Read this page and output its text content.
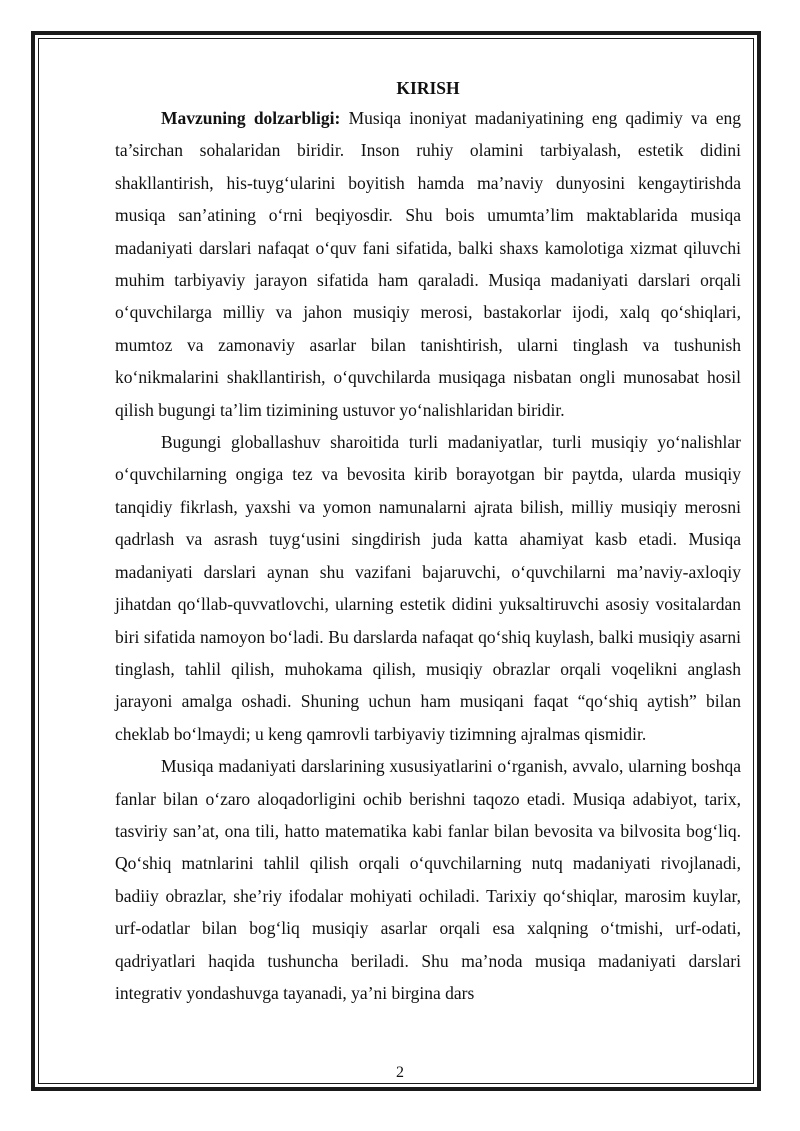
KIRISH

Mavzuning dolzarbligi: Musiqa inoniyat madaniyatining eng qadimiy va eng ta’sirchan sohalaridan biridir. Inson ruhiy olamini tarbiyalash, estetik didini shakllantirish, his-tuyg‘ularini boyitish hamda ma’naviy dunyosini kengaytirishda musiqa san’atining o‘rni beqiyosdir. Shu bois umumta’lim maktablarida musiqa madaniyati darslari nafaqat o‘quv fani sifatida, balki shaxs kamolotiga xizmat qiluvchi muhim tarbiyaviy jarayon sifatida ham qaraladi. Musiqa madaniyati darslari orqali o‘quvchilarga milliy va jahon musiqiy merosi, bastakorlar ijodi, xalq qo‘shiqlari, mumtoz va zamonaviy asarlar bilan tanishtirish, ularni tinglash va tushunish ko‘nikmalarini shakllantirish, o‘quvchilarda musiqaga nisbatan ongli munosabat hosil qilish bugungi ta’lim tizimining ustuvor yo‘nalishlaridan biridir.

Bugungi globallashuv sharoitida turli madaniyatlar, turli musiqiy yo‘nalishlar o‘quvchilarning ongiga tez va bevosita kirib borayotgan bir paytda, ularda musiqiy tanqidiy fikrlash, yaxshi va yomon namunalarni ajrata bilish, milliy musiqiy merosni qadrlash va asrash tuyg‘usini singdirish juda katta ahamiyat kasb etadi. Musiqa madaniyati darslari aynan shu vazifani bajaruvchi, o‘quvchilarni ma’naviy-axloqiy jihatdan qo‘llab-quvvatlovchi, ularning estetik didini yuksaltiruvchi asosiy vositalardan biri sifatida namoyon bo‘ladi. Bu darslarda nafaqat qo‘shiq kuylash, balki musiqiy asarni tinglash, tahlil qilish, muhokama qilish, musiqiy obrazlar orqali voqelikni anglash jarayoni amalga oshadi. Shuning uchun ham musiqani faqat “qo‘shiq aytish” bilan cheklab bo‘lmaydi; u keng qamrovli tarbiyaviy tizimning ajralmas qismidir.

Musiqa madaniyati darslarining xususiyatlarini o‘rganish, avvalo, ularning boshqa fanlar bilan o‘zaro aloqadorligini ochib berishni taqozo etadi. Musiqa adabiyot, tarix, tasviriy san’at, ona tili, hatto matematika kabi fanlar bilan bevosita va bilvosita bog‘liq. Qo‘shiq matnlarini tahlil qilish orqali o‘quvchilarning nutq madaniyati rivojlanadi, badiiy obrazlar, she’riy ifodalar mohiyati ochiladi. Tarixiy qo‘shiqlar, marosim kuylar, urf-odatlar bilan bog‘liq musiqiy asarlar orqali esa xalqning o‘tmishi, urf-odati, qadriyatlari haqida tushuncha beriladi. Shu ma’noda musiqa madaniyati darslari integrativ yondashuvga tayanadi, ya’ni birgina dars

2
